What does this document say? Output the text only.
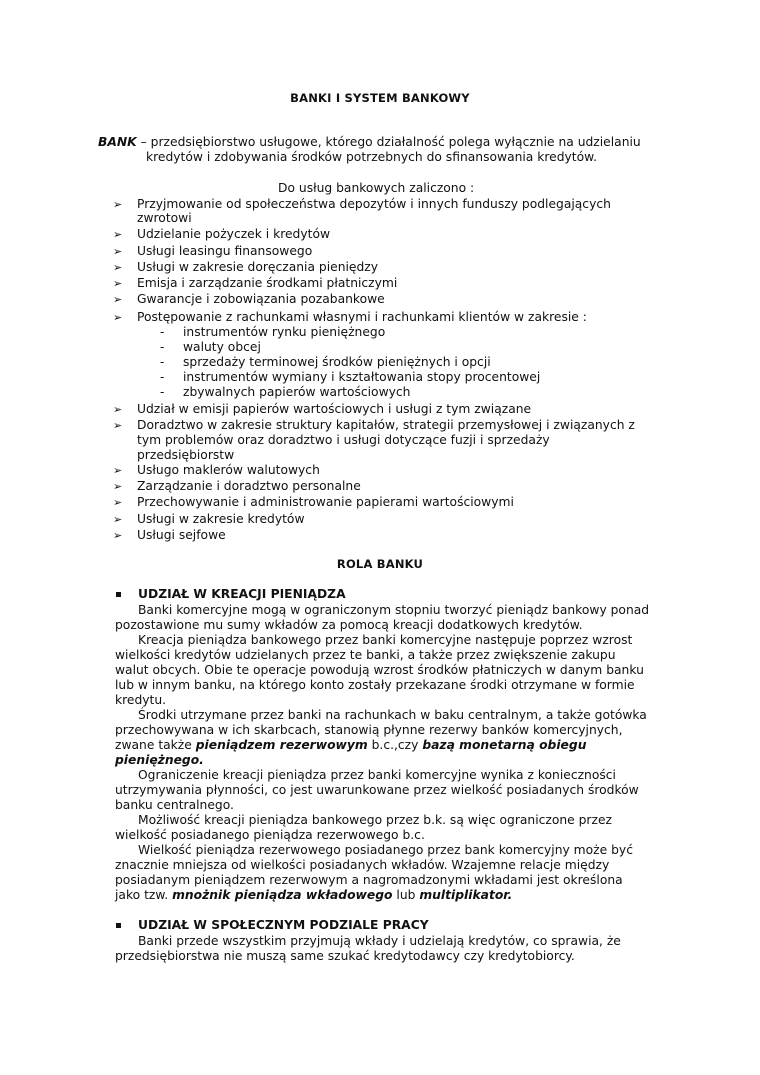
BANKI I SYSTEM BANKOWY
BANK – przedsiębiorstwo usługowe, którego działalność polega wyłącznie na udzielaniu
kredytów i zdobywania środków potrzebnych do sfinansowania kredytów.
Do usług bankowych zaliczono :
➢ Przyjmowanie od społeczeństwa depozytów i innych funduszy podlegających
zwrotowi
➢ Udzielanie pożyczek i kredytów
➢ Usługi leasingu finansowego
➢ Usługi w zakresie doręczania pieniędzy
➢ Emisja i zarządzanie środkami płatniczymi
➢ Gwarancje i zobowiązania pozabankowe
➢ Postępowanie z rachunkami własnymi i rachunkami klientów w zakresie :
- instrumentów rynku pieniężnego
- waluty obcej
- sprzedaży terminowej środków pieniężnych i opcji
- instrumentów wymiany i kształtowania stopy procentowej
- zbywalnych papierów wartościowych
➢ Udział w emisji papierów wartościowych i usługi z tym związane
➢ Doradztwo w zakresie struktury kapitałów, strategii przemysłowej i związanych z
tym problemów oraz doradztwo i usługi dotyczące fuzji i sprzedaży
przedsiębiorstw
➢ Usługo maklerów walutowych
➢ Zarządzanie i doradztwo personalne
➢ Przechowywanie i administrowanie papierami wartościowymi
➢ Usługi w zakresie kredytów
➢ Usługi sejfowe
ROLA BANKU
UDZIAŁ W KREACJI PIENIĄDZA
Banki komercyjne mogą w ograniczonym stopniu tworzyć pieniądz bankowy ponad
pozostawione mu sumy wkładów za pomocą kreacji dodatkowych kredytów.
Kreacja pieniądza bankowego przez banki komercyjne następuje poprzez wzrost
wielkości kredytów udzielanych przez te banki, a także przez zwiększenie zakupu
walut obcych. Obie te operacje powodują wzrost środków płatniczych w danym banku
lub w innym banku, na którego konto zostały przekazane środki otrzymane w formie
kredytu.
Środki utrzymane przez banki na rachunkach w baku centralnym, a także gotówka
przechowywana w ich skarbcach, stanowią płynne rezerwy banków komercyjnych,
zwane także pieniądzem rezerwowym b.c.,czy bazą monetarną obiegu
pieniężnego.
Ograniczenie kreacji pieniądza przez banki komercyjne wynika z konieczności
utrzymywania płynności, co jest uwarunkowane przez wielkość posiadanych środków
banku centralnego.
Możliwość kreacji pieniądza bankowego przez b.k. są więc ograniczone przez
wielkość posiadanego pieniądza rezerwowego b.c.
Wielkość pieniądza rezerwowego posiadanego przez bank komercyjny może być
znacznie mniejsza od wielkości posiadanych wkładów. Wzajemne relacje między
posiadanym pieniądzem rezerwowym a nagromadzonymi wkładami jest określona
jako tzw. mnożnik pieniądza wkładowego lub multiplikator.
UDZIAŁ W SPOŁECZNYM PODZIALE PRACY
Banki przede wszystkim przyjmują wkłady i udzielają kredytów, co sprawia, że
przedsiębiorstwa nie muszą same szukać kredytodawcy czy kredytobiorcy.
